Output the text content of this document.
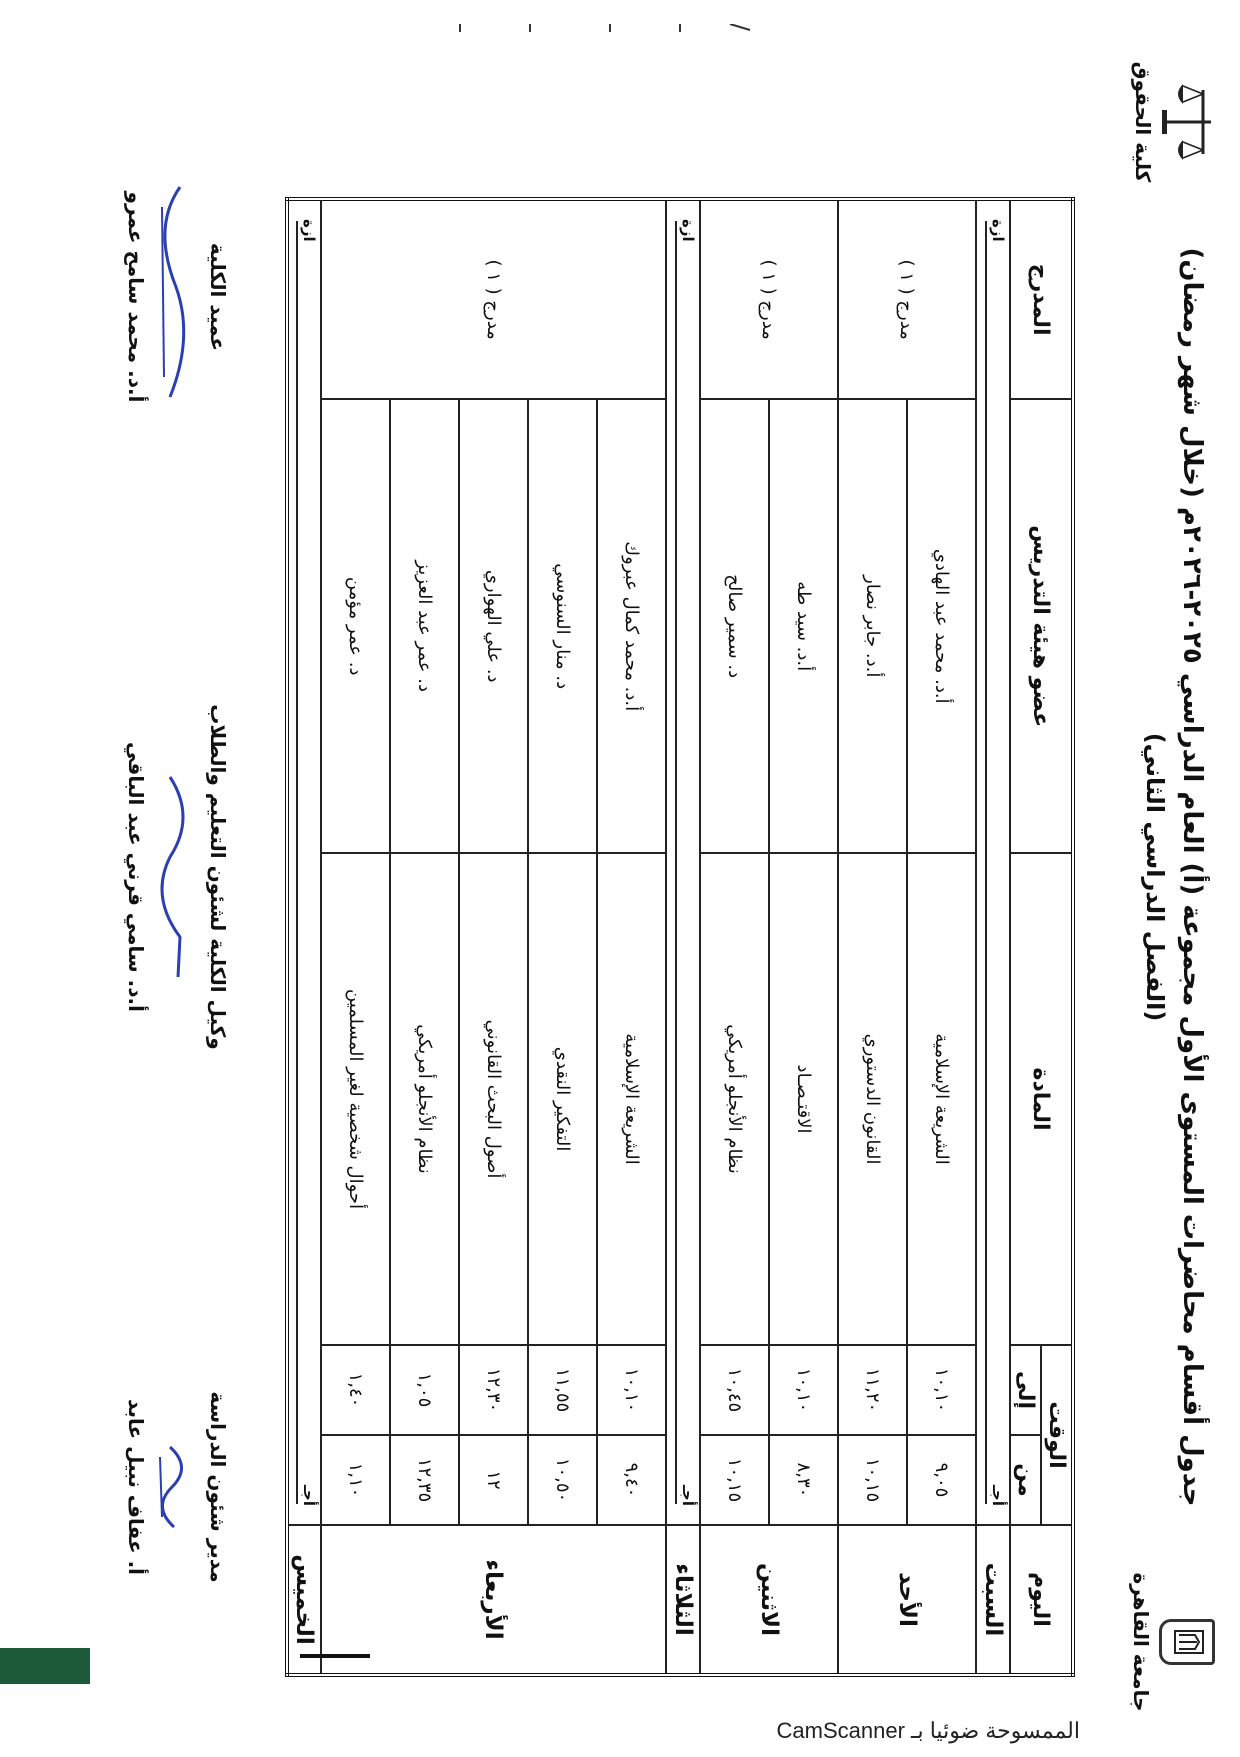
جامعة القاهرة
كلية الحقوق
جدول أقسام محاضرات المستوى الأول مجموعة (أ) العام الدراسي ٢٠٢٥-٢٠٢٦م (خلال شهر رمضان)
(الفصل الدراسي الثاني)
اليوم	الوقت		المادة	عضو هيئة التدريس	المدرج
	من	إلى			
السبت	أجـ
ازة				

الأحد	٩,٠٥	١٠,١٠	الشريعة الإسلامية	أ.د. محمد عبد الهادي	مدرج ( ١ )
	١٠,١٥	١١,٢٠	القانون الدستوري	أ.د. جابر نصار	
الاثنين	٨,٣٠	١٠,١٠	الاقتـصـاد	أ.د. سيد طه	مدرج ( ١ )
	١٠,١٥	١٠,٤٥	نظام الأنجلو أمريكي	د. سمير صالح	
الثلاثاء	أجـ
ازة				

الأربعاء	٩,٤٠	١٠,١٠	الشريعة الإسلامية	أ.د. محمد كمال عبروك	مدرج ( ١ )
	١٠,٥٠	١١,٥٥	التفكير النقدي	د. منار السنوسي	
	١٢	١٢,٣٠	أصول البحث القانوني	د. علي الهواري	
	١٢,٣٥	١,٠٥	نظام الأنجلو أمريكي	د. عمر عبد العزيز	
	١,١٠	١,٤٠	أحوال شخصية لغير المسلمين	د. عمر مؤمن	
الخميس	أجـ
ازة				
مدير شئون الدراسة
أ. عفاف نبيل عابد
وكيل الكلية لشئون التعليم والطلاب
أ.د. سامي قرني عبد الباقي
عميد الكلية
أ.د. محمد سامح عمرو
الممسوحة ضوئيا بـ CamScanner
